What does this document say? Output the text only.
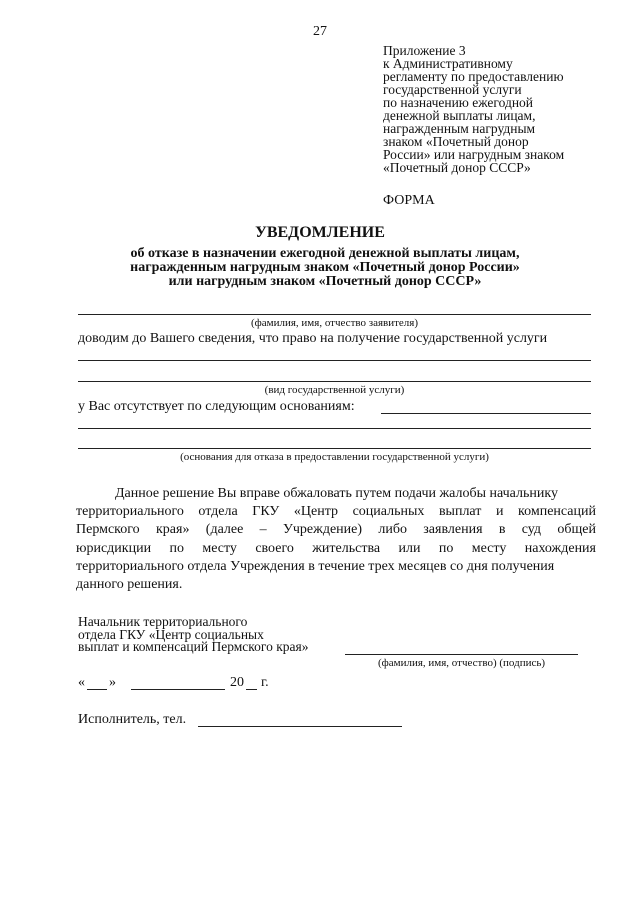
27
Приложение 3
к Административному
регламенту по предоставлению
государственной услуги
по назначению ежегодной
денежной выплаты лицам,
награжденным нагрудным
знаком «Почетный донор
России» или нагрудным знаком
«Почетный донор СССР»
ФОРМА
УВЕДОМЛЕНИЕ
об отказе в назначении ежегодной денежной выплаты лицам,
награжденным нагрудным знаком «Почетный донор России»
или нагрудным знаком «Почетный донор СССР»
(фамилия, имя, отчество заявителя)
доводим до Вашего сведения, что право на получение государственной услуги
(вид государственной услуги)
у Вас отсутствует по следующим основаниям:
(основания для отказа в предоставлении государственной услуги)
Данное решение Вы вправе обжаловать путем подачи жалобы начальнику
территориального отдела ГКУ «Центр социальных выплат и компенсаций
Пермского края» (далее – Учреждение) либо заявления в суд общей
юрисдикции по месту своего жительства или по месту нахождения
территориального отдела Учреждения в течение трех месяцев со дня получения
данного решения.
Начальник территориального
отдела ГКУ «Центр социальных
выплат и компенсаций Пермского края»
(фамилия, имя, отчество) (подпись)
« »	20 г.
Исполнитель, тел.
